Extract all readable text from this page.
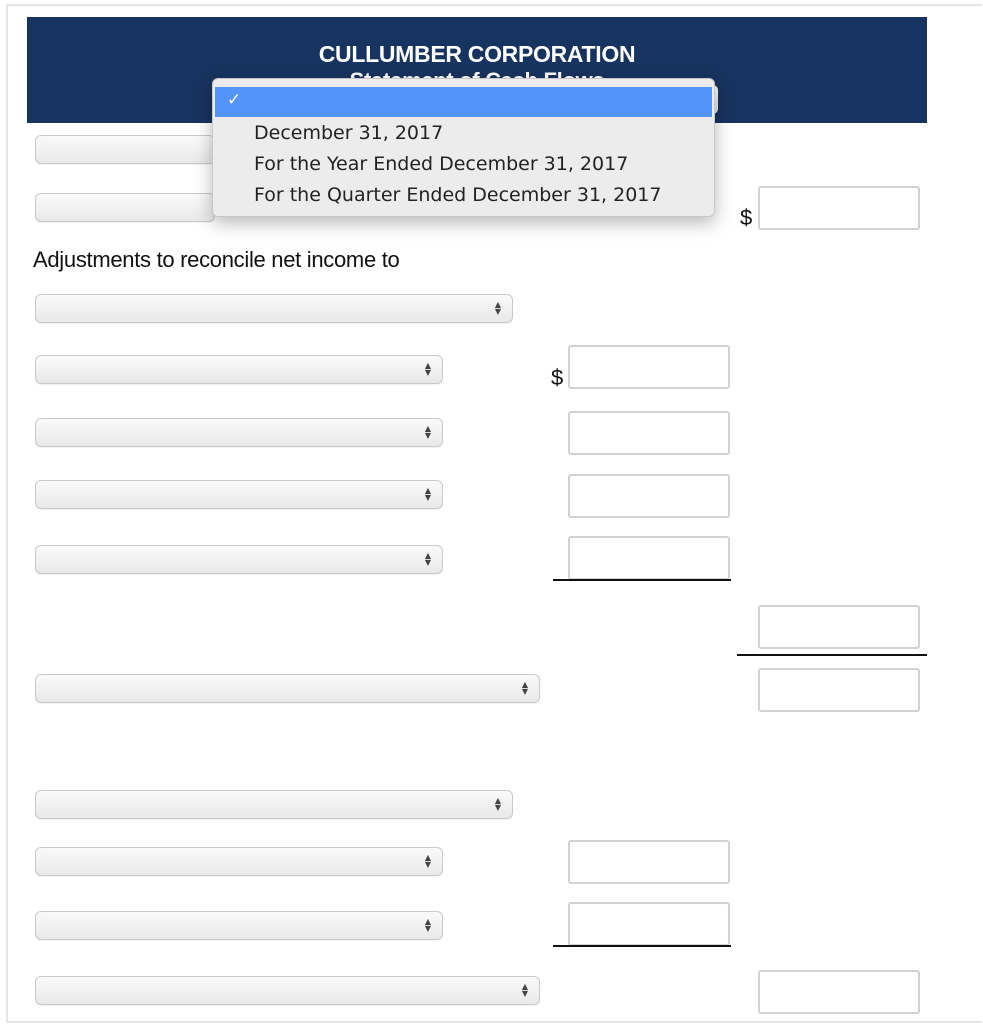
CULLUMBER CORPORATION
Adjustments to reconcile net income to
▲
▼
▲
▼
▲
▼
▲
▼
▲
▼
▲
▼
▲
▼
▲
▼
▲
▼
▲
▼
$
$
✓
December 31, 2017
For the Year Ended December 31, 2017
For the Quarter Ended December 31, 2017
